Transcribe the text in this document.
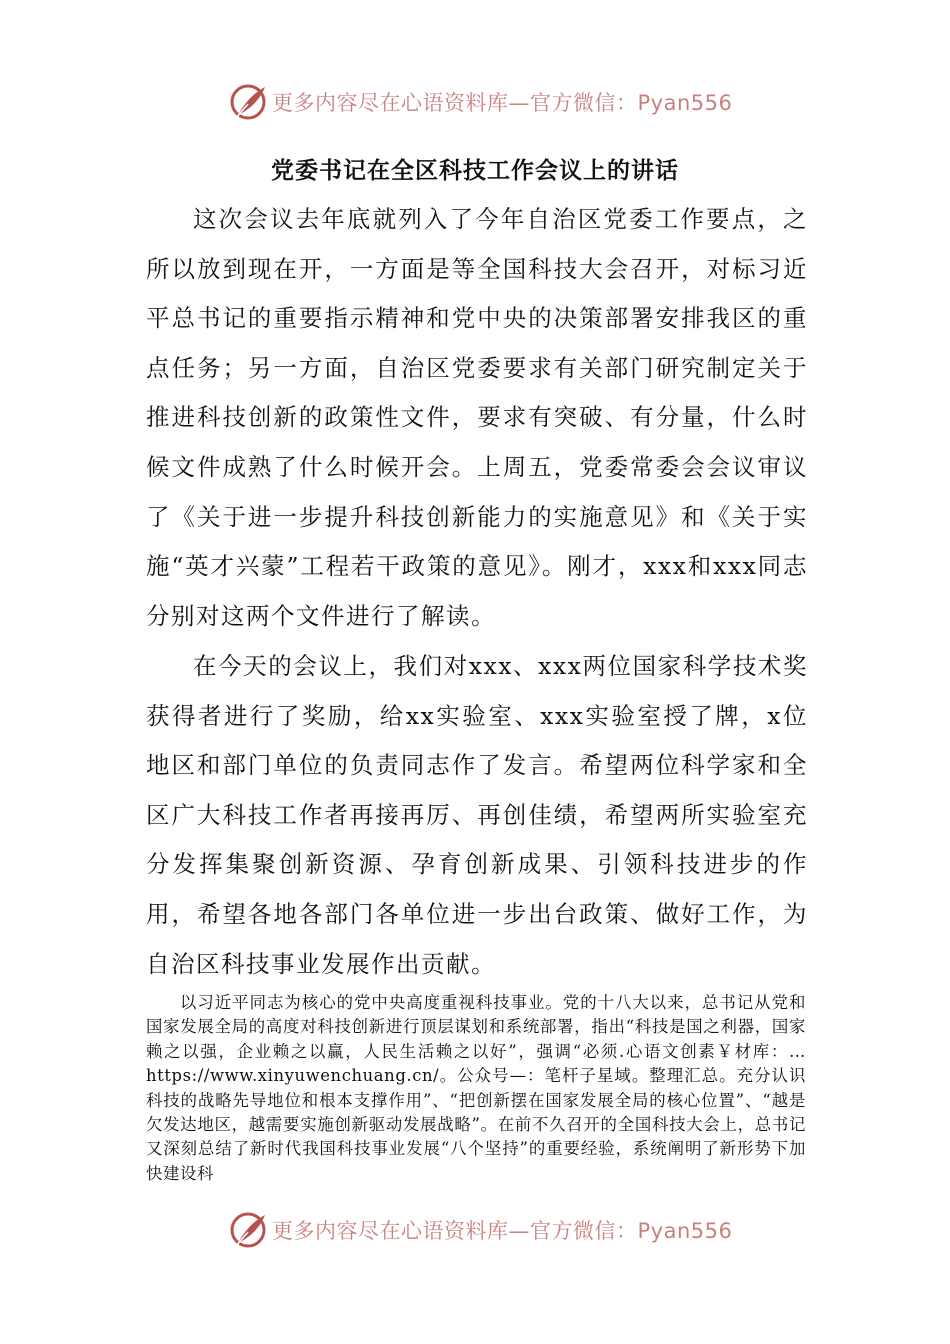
更多内容尽在心语资料库—官方微信：Pyan556
党委书记在全区科技工作会议上的讲话

这次会议去年底就列入了今年自治区党委工作要点，之所以放到现在开，一方面是等全国科技大会召开，对标习近平总书记的重要指示精神和党中央的决策部署安排我区的重点任务；另一方面，自治区党委要求有关部门研究制定关于推进科技创新的政策性文件，要求有突破、有分量，什么时候文件成熟了什么时候开会。上周五，党委常委会会议审议了《关于进一步提升科技创新能力的实施意见》和《关于实施“英才兴蒙”工程若干政策的意见》。刚才，xxx和xxx同志分别对这两个文件进行了解读。

在今天的会议上，我们对xxx、xxx两位国家科学技术奖获得者进行了奖励，给xx实验室、xxx实验室授了牌，x位地区和部门单位的负责同志作了发言。希望两位科学家和全区广大科技工作者再接再厉、再创佳绩，希望两所实验室充分发挥集聚创新资源、孕育创新成果、引领科技进步的作用，希望各地各部门各单位进一步出台政策、做好工作，为自治区科技事业发展作出贡献。

以习近平同志为核心的党中央高度重视科技事业。党的十八大以来，总书记从党和国家发展全局的高度对科技创新进行顶层谋划和系统部署，指出“科技是国之利器，国家赖之以强，企业赖之以赢，人民生活赖之以好”，强调“必须.心语文创素￥材库：…https://www.xinyuwenchuang.cn/。公众号—：笔杆子星域。整理汇总。充分认识科技的战略先导地位和根本支撑作用”、“把创新摆在国家发展全局的核心位置”、“越是欠发达地区，越需要实施创新驱动发展战略”。在前不久召开的全国科技大会上，总书记又深刻总结了新时代我国科技事业发展“八个坚持”的重要经验，系统阐明了新形势下加快建设科

更多内容尽在心语资料库—官方微信：Pyan556
